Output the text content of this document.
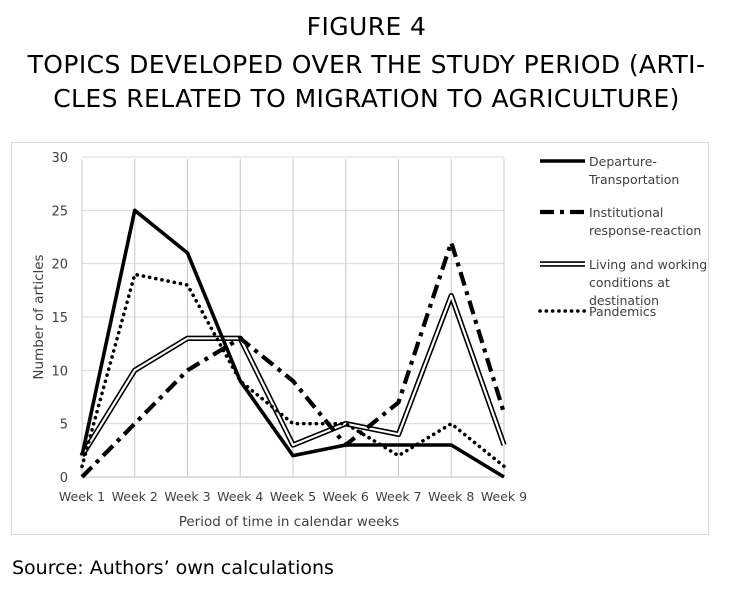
FIGURE 4
TOPICS DEVELOPED OVER THE STUDY PERIOD (ARTI-
CLES RELATED TO MIGRATION TO AGRICULTURE)
0
5
10
15
20
25
30
Week 1 Week 2 Week 3 Week 4 Week 5 Week 6 Week 7 Week 8 Week 9
Period of time in calendar weeks
Number of articles
Departure-
Transportation
Institutional
response-reaction
Living and working
conditions at
destination
Pandemics

Source: Authors’ own calculations
